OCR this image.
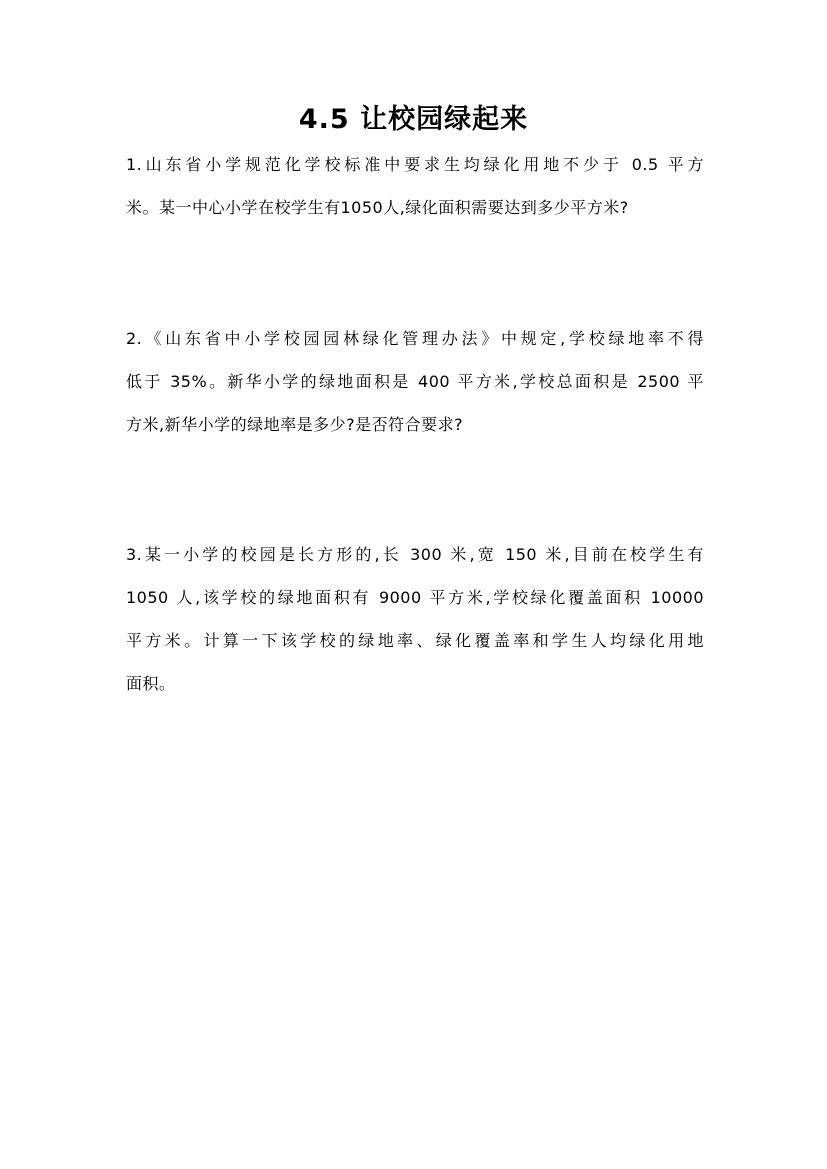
4.5 让校园绿起来
1.山东省小学规范化学校标准中要求生均绿化用地不少于 0.5 平方
米。某一中心小学在校学生有1050人,绿化面积需要达到多少平方米?
2.《山东省中小学校园园林绿化管理办法》中规定,学校绿地率不得
低于 35%。新华小学的绿地面积是 400 平方米,学校总面积是 2500 平
方米,新华小学的绿地率是多少?是否符合要求?
3.某一小学的校园是长方形的,长 300 米,宽 150 米,目前在校学生有
1050 人,该学校的绿地面积有 9000 平方米,学校绿化覆盖面积 10000
平方米。计算一下该学校的绿地率、绿化覆盖率和学生人均绿化用地
面积。
